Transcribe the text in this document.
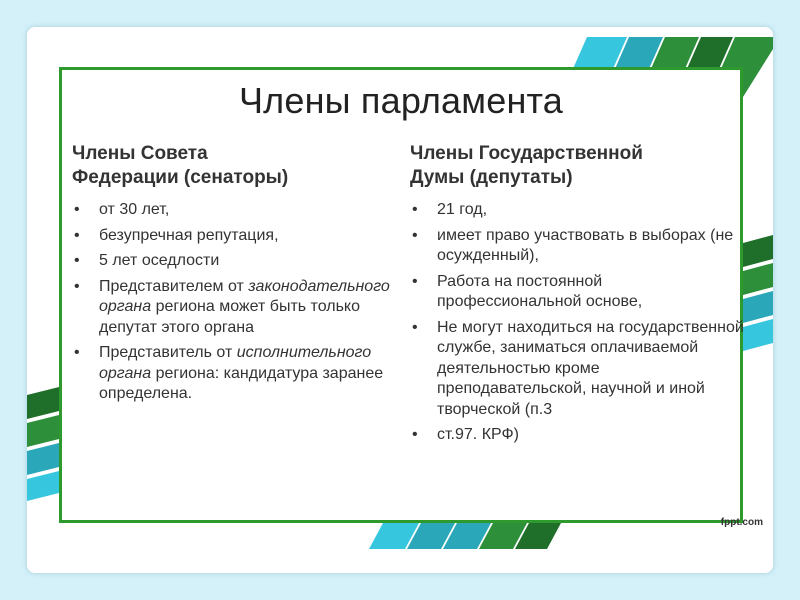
Члены парламента
Члены Совета
Федерации (сенаторы)
• от 30 лет,
• безупречная репутация,
• 5 лет оседлости
• Представителем от законодательного органа региона может быть только депутат этого органа
• Представитель от исполнительного органа региона: кандидатура заранее определена.
Члены Государственной
Думы (депутаты)
• 21 год,
• имеет право участвовать в выборах (не осужденный),
• Работа на постоянной профессиональной основе,
• Не могут находиться на государственной службе, заниматься оплачиваемой деятельностью кроме преподавательской, научной и иной творческой (п.3
• ст.97. КРФ)
fppt.com
